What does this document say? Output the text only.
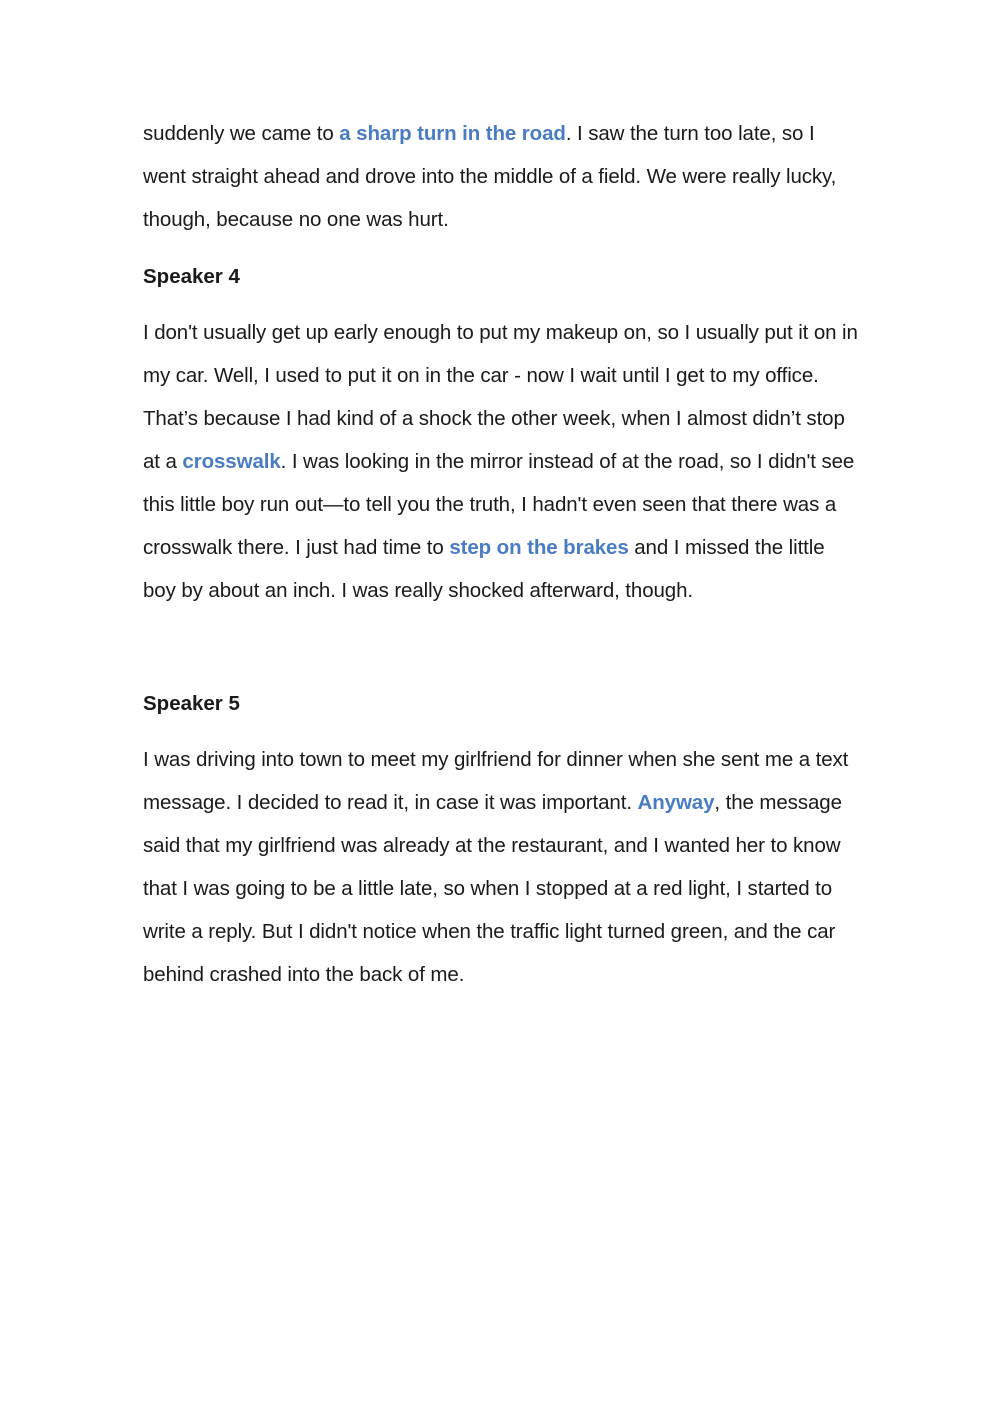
suddenly we came to a sharp turn in the road. I saw the turn too late, so I went straight ahead and drove into the middle of a field. We were really lucky, though, because no one was hurt.

Speaker 4

I don't usually get up early enough to put my makeup on, so I usually put it on in my car. Well, I used to put it on in the car - now I wait until I get to my office. That’s because I had kind of a shock the other week, when I almost didn’t stop at a crosswalk. I was looking in the mirror instead of at the road, so I didn't see this little boy run out—to tell you the truth, I hadn't even seen that there was a crosswalk there. I just had time to step on the brakes and I missed the little boy by about an inch. I was really shocked afterward, though.

Speaker 5

I was driving into town to meet my girlfriend for dinner when she sent me a text message. I decided to read it, in case it was important. Anyway, the message said that my girlfriend was already at the restaurant, and I wanted her to know that I was going to be a little late, so when I stopped at a red light, I started to write a reply. But I didn't notice when the traffic light turned green, and the car behind crashed into the back of me.
